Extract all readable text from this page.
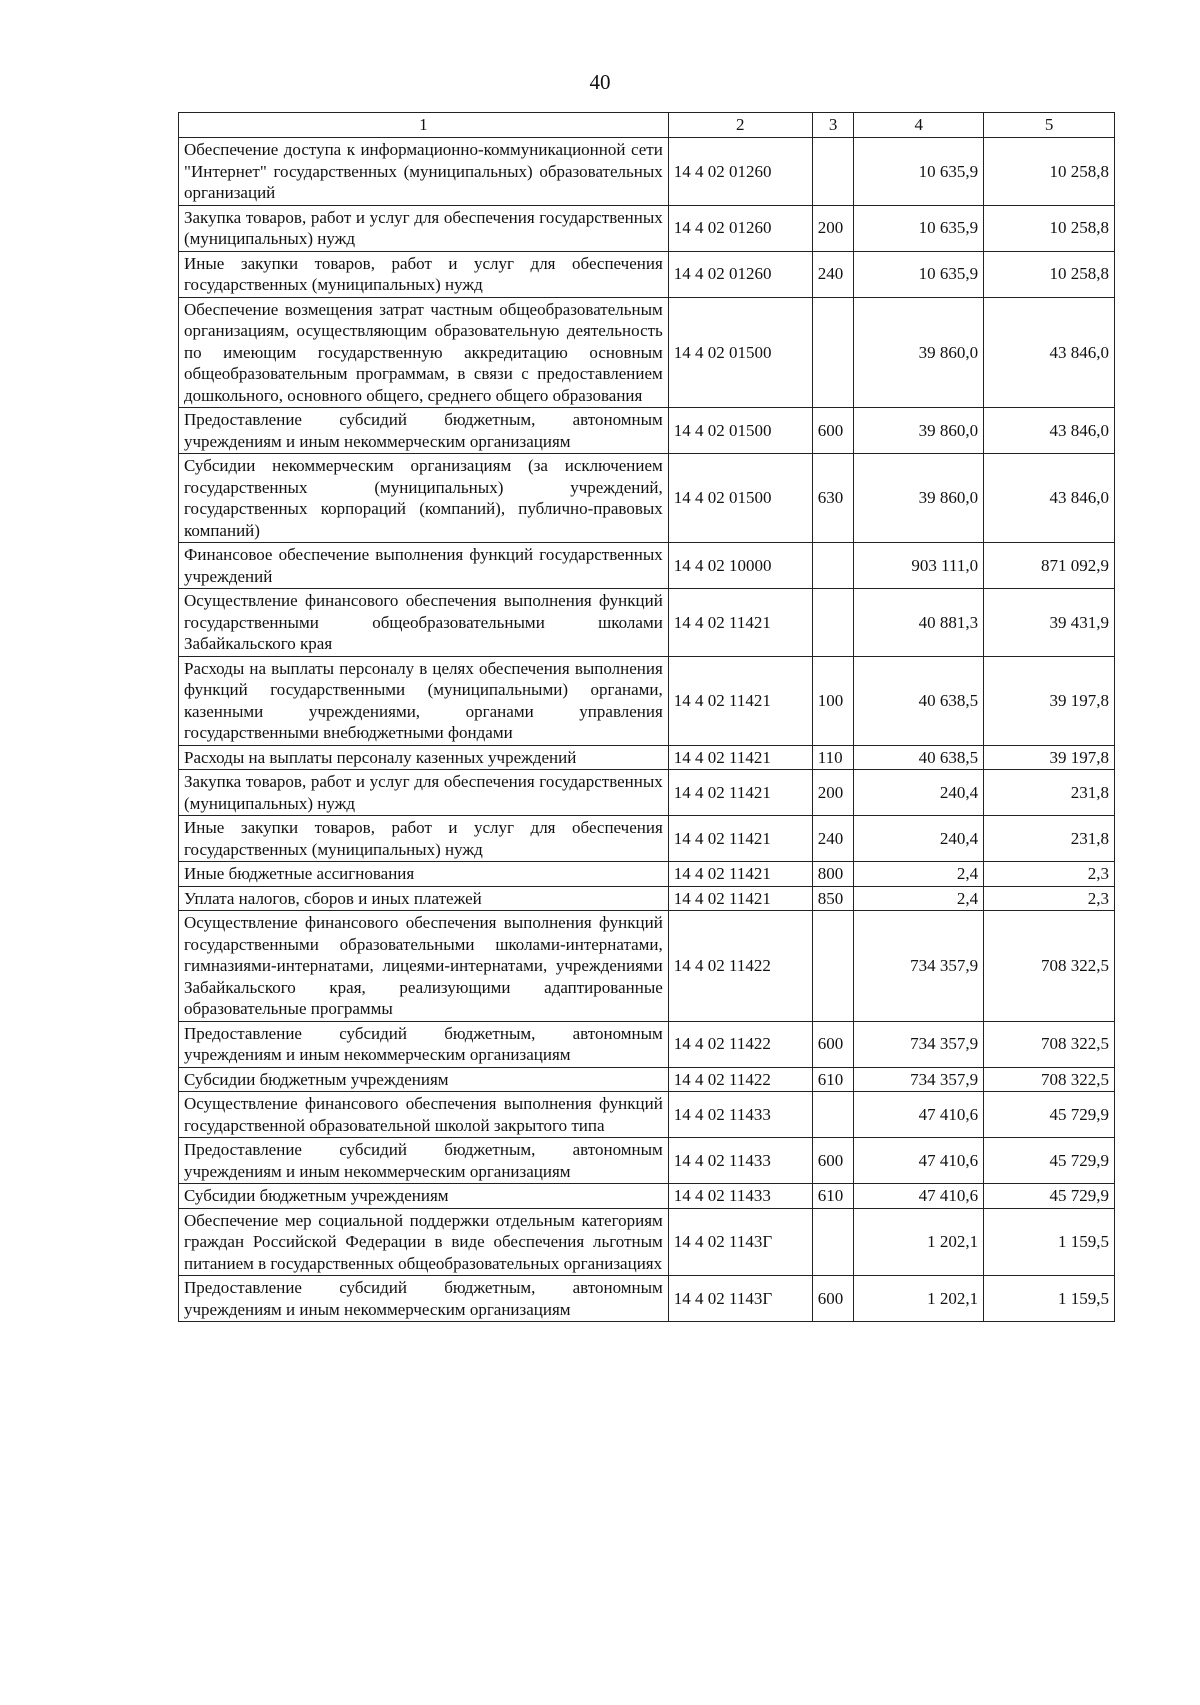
40
1	2	3	4	5
Обеспечение доступа к информационно-коммуникационной сети "Интернет" государственных (муниципальных) образовательных организаций	14 4 02 01260		10 635,9	10 258,8
Закупка товаров, работ и услуг для обеспечения государственных (муниципальных) нужд	14 4 02 01260	200	10 635,9	10 258,8
Иные закупки товаров, работ и услуг для обеспечения государственных (муниципальных) нужд	14 4 02 01260	240	10 635,9	10 258,8
Обеспечение возмещения затрат частным общеобразовательным организациям, осуществляющим образовательную деятельность по имеющим государственную аккредитацию основным общеобразовательным программам, в связи с предоставлением дошкольного, основного общего, среднего общего образования	14 4 02 01500		39 860,0	43 846,0
Предоставление субсидий бюджетным, автономным учреждениям и иным некоммерческим организациям	14 4 02 01500	600	39 860,0	43 846,0
Субсидии некоммерческим организациям (за исключением государственных (муниципальных) учреждений, государственных корпораций (компаний), публично-правовых компаний)	14 4 02 01500	630	39 860,0	43 846,0
Финансовое обеспечение выполнения функций государственных учреждений	14 4 02 10000		903 111,0	871 092,9
Осуществление финансового обеспечения выполнения функций государственными общеобразовательными школами Забайкальского края	14 4 02 11421		40 881,3	39 431,9
Расходы на выплаты персоналу в целях обеспечения выполнения функций государственными (муниципальными) органами, казенными учреждениями, органами управления государственными внебюджетными фондами	14 4 02 11421	100	40 638,5	39 197,8
Расходы на выплаты персоналу казенных учреждений	14 4 02 11421	110	40 638,5	39 197,8
Закупка товаров, работ и услуг для обеспечения государственных (муниципальных) нужд	14 4 02 11421	200	240,4	231,8
Иные закупки товаров, работ и услуг для обеспечения государственных (муниципальных) нужд	14 4 02 11421	240	240,4	231,8
Иные бюджетные ассигнования	14 4 02 11421	800	2,4	2,3
Уплата налогов, сборов и иных платежей	14 4 02 11421	850	2,4	2,3
Осуществление финансового обеспечения выполнения функций государственными образовательными школами-интернатами, гимназиями-интернатами, лицеями-интернатами, учреждениями Забайкальского края, реализующими адаптированные образовательные программы	14 4 02 11422		734 357,9	708 322,5
Предоставление субсидий бюджетным, автономным учреждениям и иным некоммерческим организациям	14 4 02 11422	600	734 357,9	708 322,5
Субсидии бюджетным учреждениям	14 4 02 11422	610	734 357,9	708 322,5
Осуществление финансового обеспечения выполнения функций государственной образовательной школой закрытого типа	14 4 02 11433		47 410,6	45 729,9
Предоставление субсидий бюджетным, автономным учреждениям и иным некоммерческим организациям	14 4 02 11433	600	47 410,6	45 729,9
Субсидии бюджетным учреждениям	14 4 02 11433	610	47 410,6	45 729,9
Обеспечение мер социальной поддержки отдельным категориям граждан Российской Федерации в виде обеспечения льготным питанием в государственных общеобразовательных организациях	14 4 02 1143Г		1 202,1	1 159,5
Предоставление субсидий бюджетным, автономным учреждениям и иным некоммерческим организациям	14 4 02 1143Г	600	1 202,1	1 159,5
